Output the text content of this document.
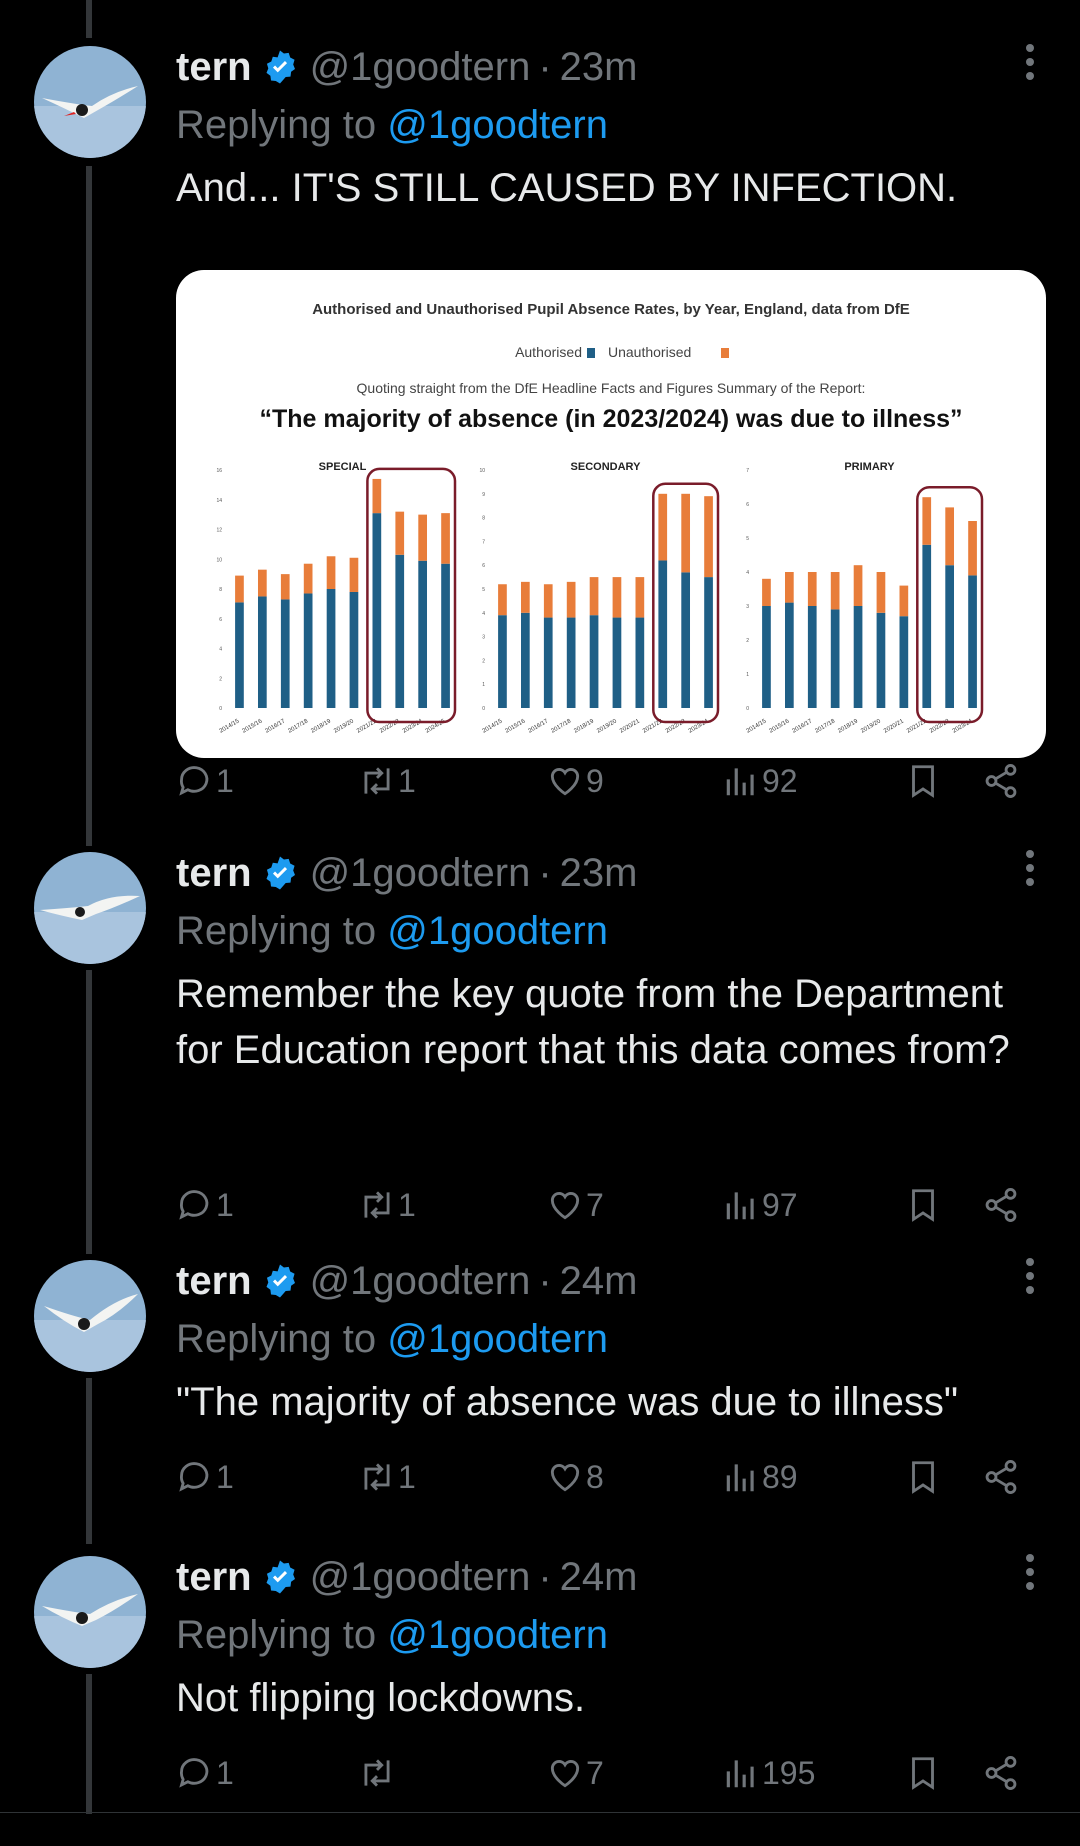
tern @1goodtern · 23m
Replying to @1goodtern
And... IT'S STILL CAUSED BY INFECTION.
Authorised and Unauthorised Pupil Absence Rates, by Year, England, data from DfE
Authorised Unauthorised
Quoting straight from the DfE Headline Facts and Figures Summary of the Report:
“The majority of absence (in 2023/2024) was due to illness”
SPECIAL
0
2
4
6
8
10
12
14
16
2014/15 2015/16 2016/17 2017/18 2018/19 2019/20 2021/22 2022/23 2023/24 2024/25
SECONDARY
0
1
2
3
4
5
6
7
8
9
10
2014/15 2015/16 2016/17 2017/18 2018/19 2019/20 2020/21 2021/22 2022/23 2023/24
PRIMARY
0
1
2
3
4
5
6
7
2014/15 2015/16 2016/17 2017/18 2018/19 2019/20 2020/21 2021/22 2022/23 2023/24
1	1	9	92
tern @1goodtern · 23m
Replying to @1goodtern
Remember the key quote from the Department for Education report that this data comes from?
1	1	7	97
tern @1goodtern · 24m
Replying to @1goodtern
"The majority of absence was due to illness"
1	1	8	89
tern @1goodtern · 24m
Replying to @1goodtern
Not flipping lockdowns.
1	7	195
